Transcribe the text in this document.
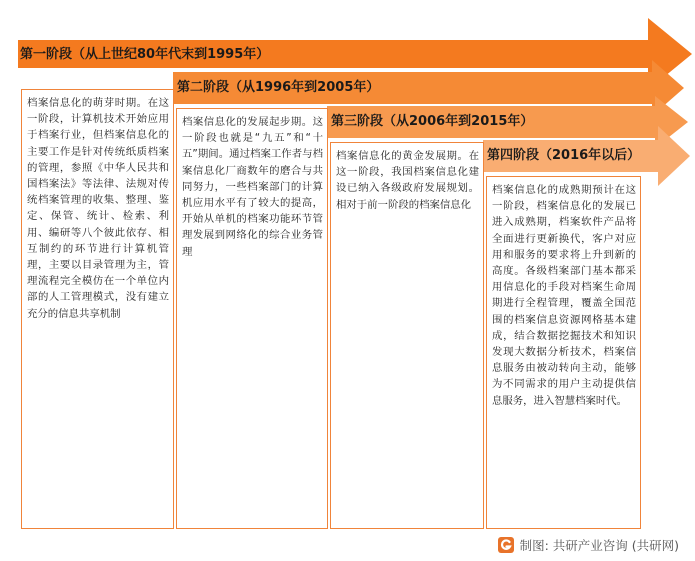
第一阶段（从上世纪80年代末到1995年）
第二阶段（从1996年到2005年）
第三阶段（从2006年到2015年）
第四阶段（2016年以后）
档案信息化的萌芽时期。在这一阶段，计算机技术开始应用于档案行业，但档案信息化的主要工作是针对传统纸质档案的管理，参照《中华人民共和国档案法》等法律、法规对传统档案管理的收集、整理、鉴定、保管、统计、检索、利用、编研等八个彼此依存、相互制约的环节进行计算机管理，主要以目录管理为主，管理流程完全模仿在一个单位内部的人工管理模式，没有建立充分的信息共享机制
档案信息化的发展起步期。这一阶段也就是“九五”和“十五”期间。通过档案工作者与档案信息化厂商数年的磨合与共同努力，一些档案部门的计算机应用水平有了较大的提高，开始从单机的档案功能环节管理发展到网络化的综合业务管理
档案信息化的黄金发展期。在这一阶段，我国档案信息化建设已纳入各级政府发展规划。相对于前一阶段的档案信息化
档案信息化的成熟期预计在这一阶段，档案信息化的发展已进入成熟期，档案软件产品将全面进行更新换代，客户对应用和服务的要求将上升到新的高度。各级档案部门基本都采用信息化的手段对档案生命周期进行全程管理，覆盖全国范围的档案信息资源网格基本建成，结合数据挖掘技术和知识发现大数据分析技术，档案信息服务由被动转向主动，能够为不同需求的用户主动提供信息服务，进入智慧档案时代。
制图: 共研产业咨询 (共研网)
